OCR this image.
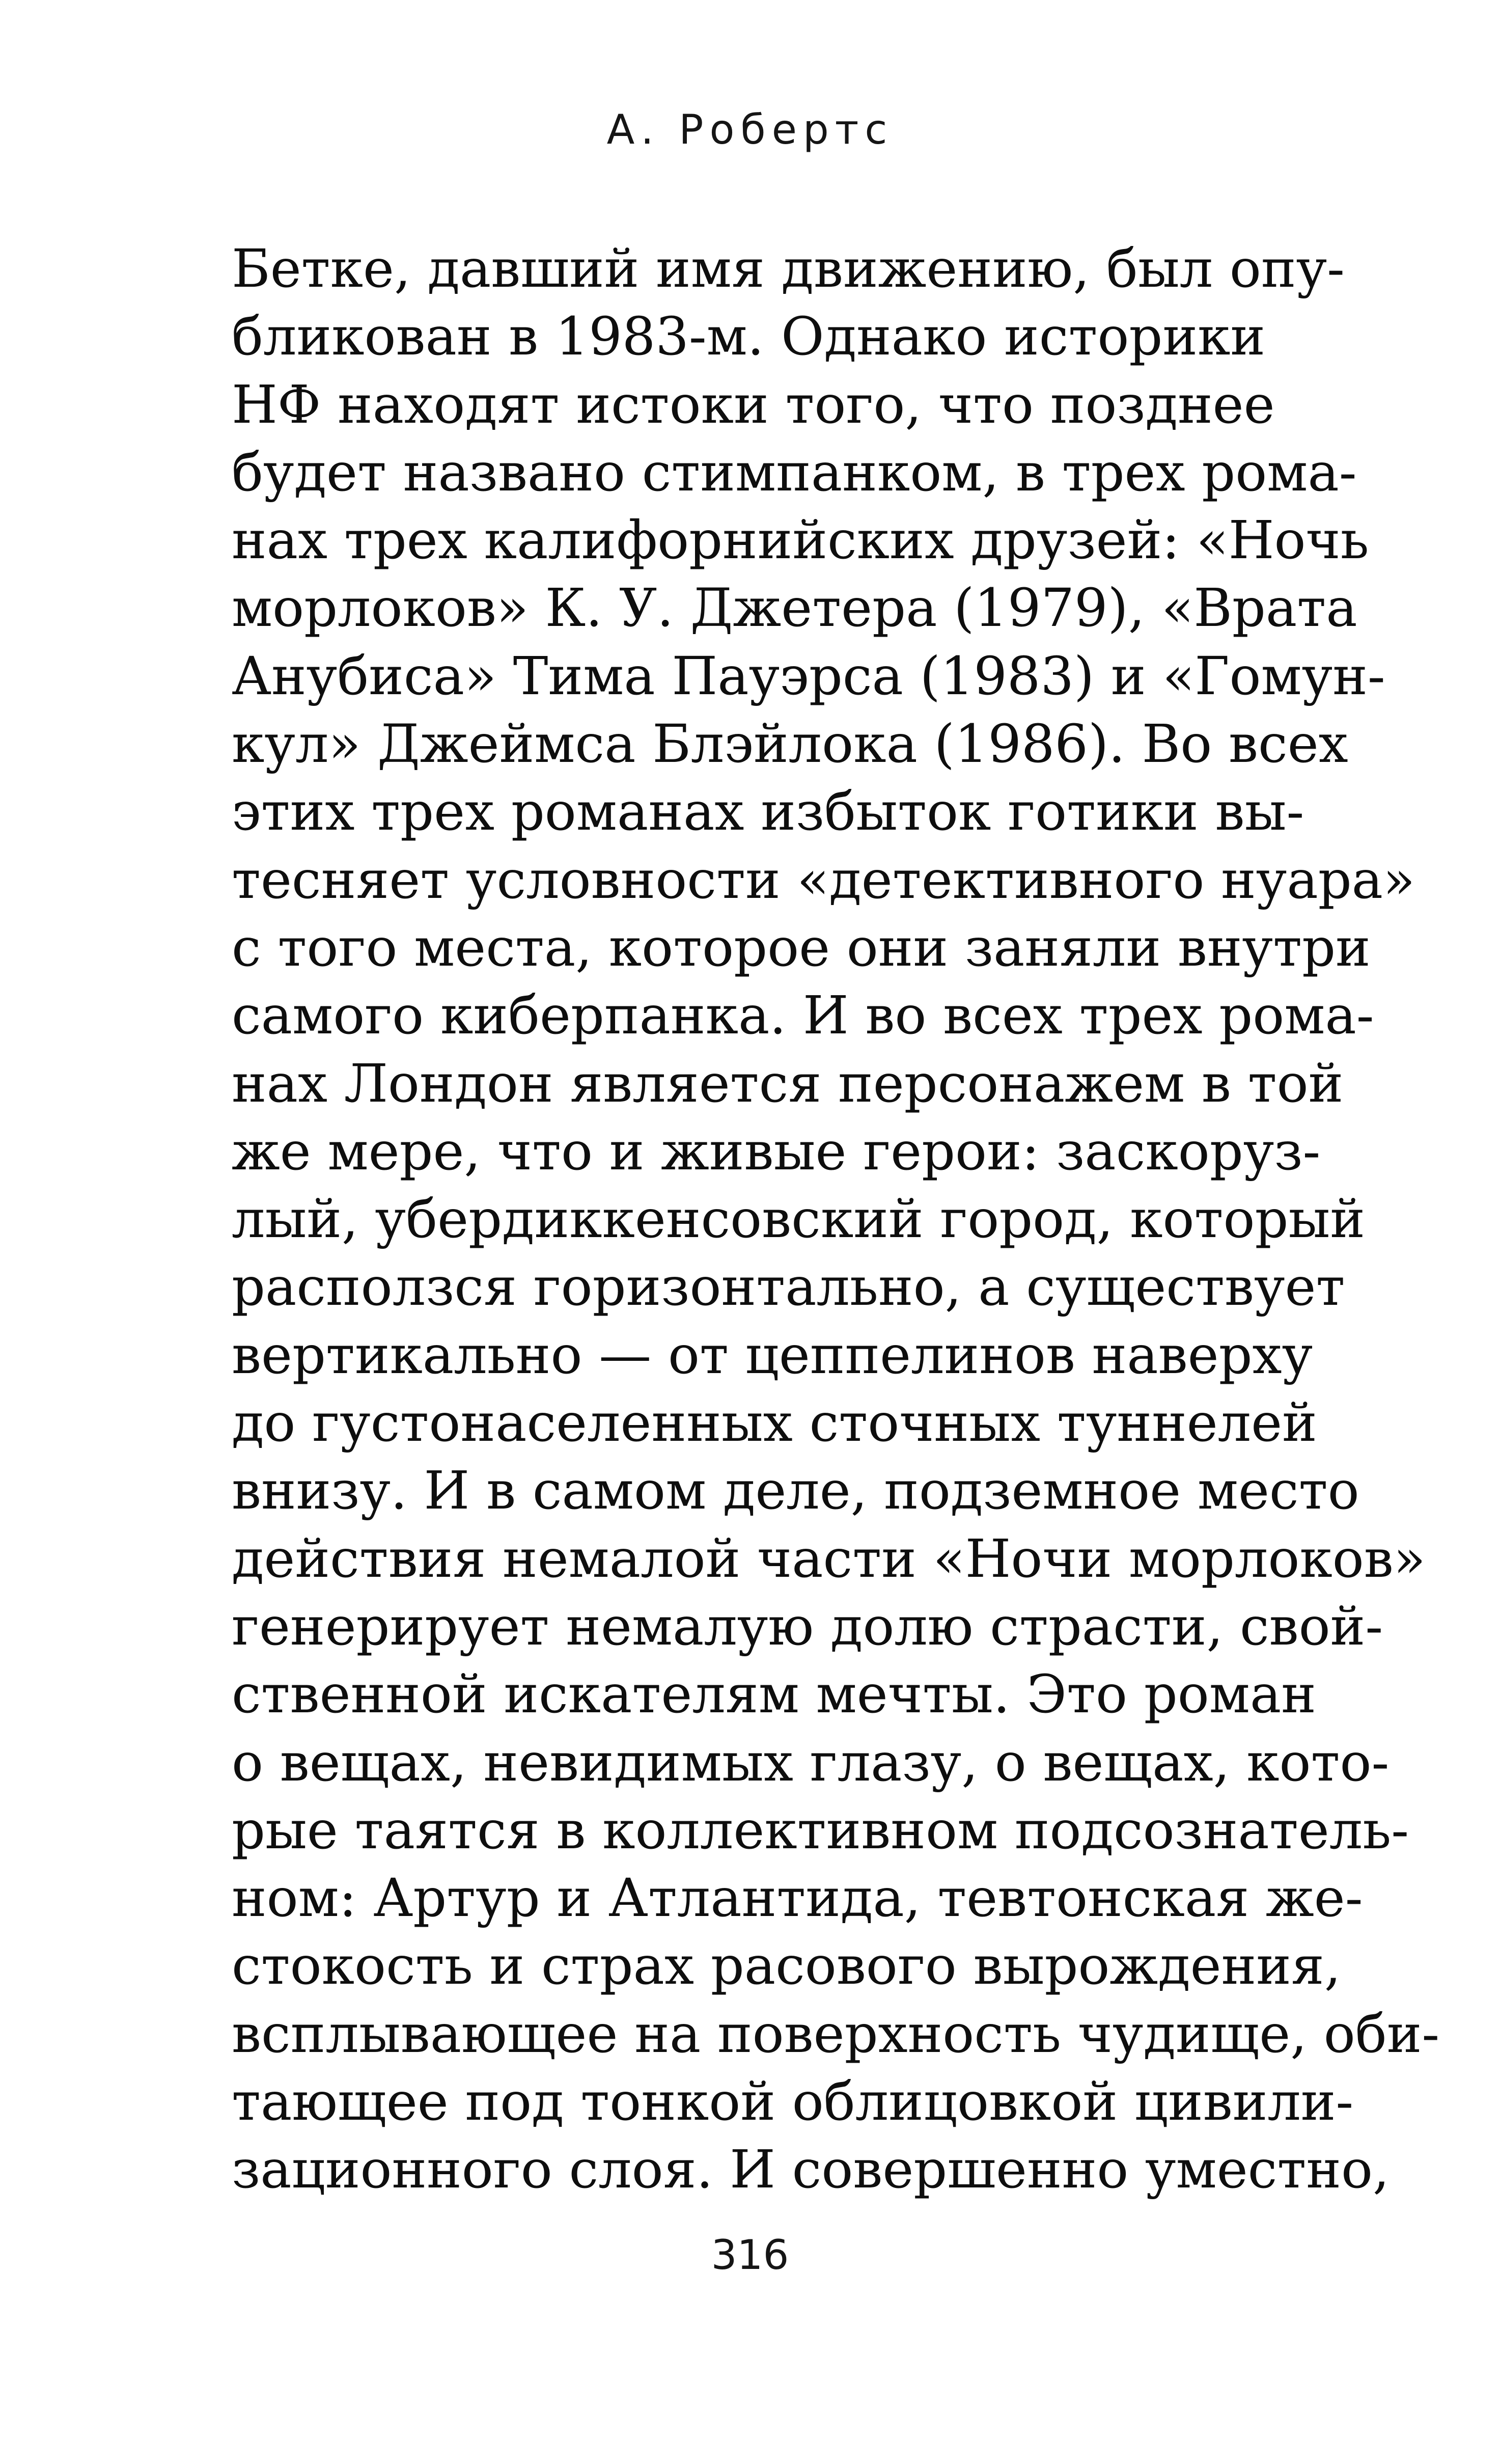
А. Робертс
Бетке, давший имя движению, был опу-
бликован в 1983-м. Однако историки
НФ находят истоки того, что позднее
будет названо стимпанком, в трех рома-
нах трех калифорнийских друзей: «Ночь
морлоков» К. У. Джетера (1979), «Врата
Анубиса» Тима Пауэрса (1983) и «Гомун-
кул» Джеймса Блэйлока (1986). Во всех
этих трех романах избыток готики вы-
тесняет условности «детективного нуара»
с того места, которое они заняли внутри
самого киберпанка. И во всех трех рома-
нах Лондон является персонажем в той
же мере, что и живые герои: заскоруз-
лый, убердиккенсовский город, который
расползся горизонтально, а существует
вертикально — от цеппелинов наверху
до густонаселенных сточных туннелей
внизу. И в самом деле, подземное место
действия немалой части «Ночи морлоков»
генерирует немалую долю страсти, свой-
ственной искателям мечты. Это роман
о вещах, невидимых глазу, о вещах, кото-
рые таятся в коллективном подсознатель-
ном: Артур и Атлантида, тевтонская же-
стокость и страх расового вырождения,
всплывающее на поверхность чудище, оби-
тающее под тонкой облицовкой цивили-
зационного слоя. И совершенно уместно,
316
